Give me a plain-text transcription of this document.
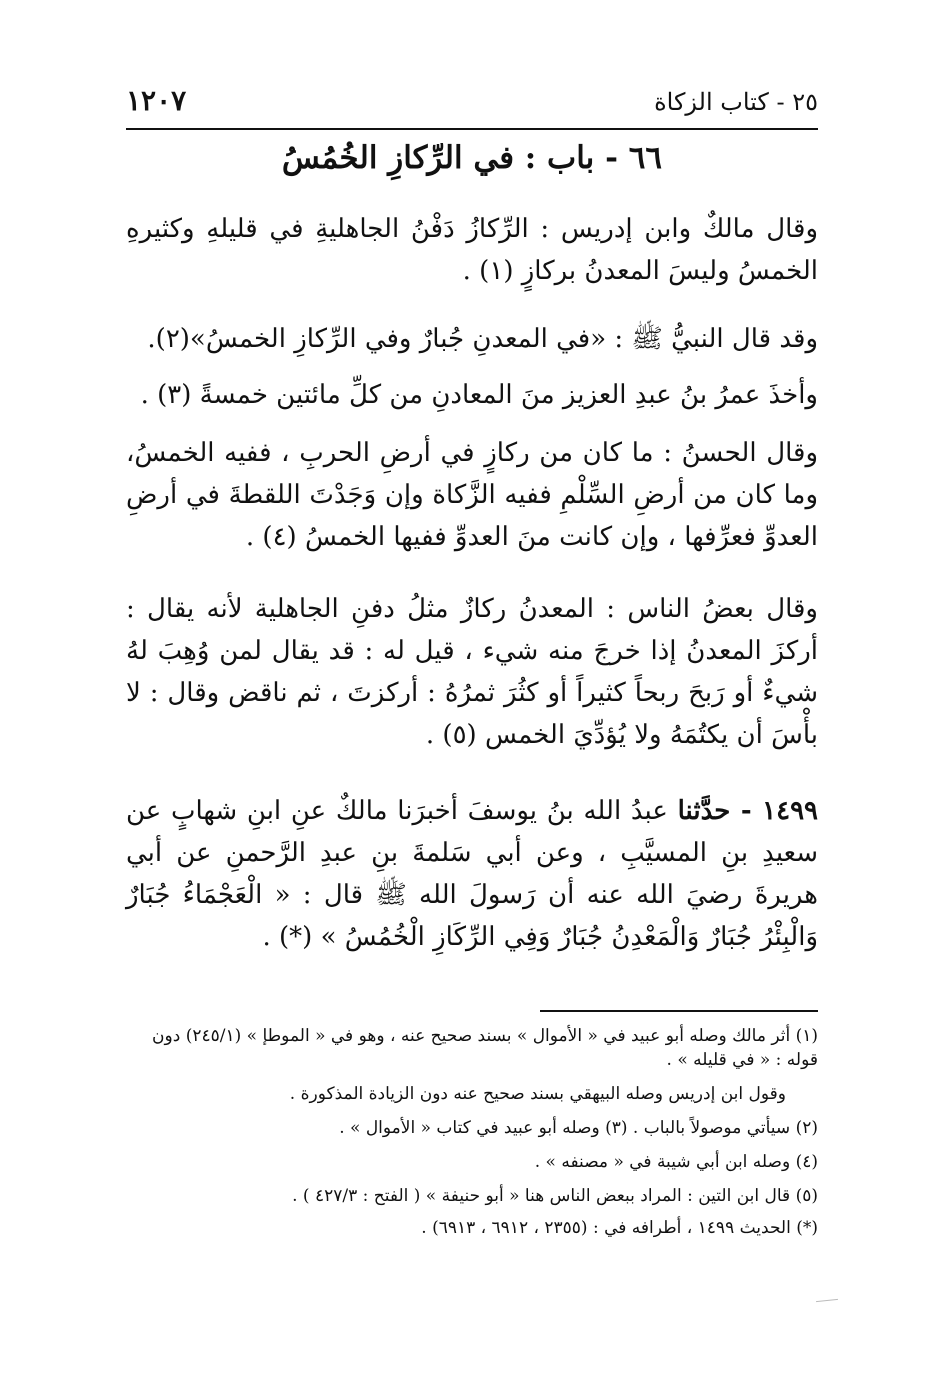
٢٥ - كتاب الزكاة
١٢٠٧
٦٦ - باب : في الرِّكازِ الخُمُسُ

وقال مالكٌ وابن إدريس : الرِّكازُ دَفْنُ الجاهليةِ في قليلهِ وكثيرهِ الخمسُ وليسَ المعدنُ بركازٍ (١) .

وقد قال النبيُّ ﷺ : «في المعدنِ جُبارٌ وفي الرِّكازِ الخمسُ»(٢).

وأخذَ عمرُ بنُ عبدِ العزيز منَ المعادنِ من كلِّ مائتين خمسةً (٣) .

وقال الحسنُ : ما كان من ركازٍ في أرضِ الحربِ ، ففيه الخمسُ، وما كان من أرضِ السِّلْمِ ففيه الزَّكاة وإن وَجَدْتَ اللقطةَ في أرضِ العدوِّ فعرِّفها ، وإن كانت منَ العدوِّ ففيها الخمسُ (٤) .

وقال بعضُ الناس : المعدنُ ركازٌ مثلُ دفنِ الجاهلية لأنه يقال : أركزَ المعدنُ إذا خرجَ منه شيء ، قيل له : قد يقال لمن وُهِبَ لهُ شيءٌ أو رَبحَ ربحاً كثيراً أو كثُرَ ثمرُهُ : أركزتَ ، ثم ناقض وقال : لا بأْسَ أن يكتُمَهُ ولا يُؤدِّيَ الخمس (٥) .

١٤٩٩ - حدَّثنا عبدُ الله بنُ يوسفَ أخبرَنا مالكٌ عنِ ابنِ شهابٍ عن سعيدِ بنِ المسيَّبِ ، وعن أبي سَلمةَ بنِ عبدِ الرَّحمنِ عن أبي هريرةَ رضيَ الله عنه أن رَسولَ الله ﷺ قال : « الْعَجْمَاءُ جُبَارٌ وَالْبِئْرُ جُبَارٌ وَالْمَعْدِنُ جُبَارٌ وَفِي الرِّكَازِ الْخُمُسُ » (*) .

(١) أثر مالك وصله أبو عبيد في « الأموال » بسند صحيح عنه ، وهو في « الموطإ » (٢٤٥/١) دون قوله : « في قليله » .
وقول ابن إدريس وصله البيهقي بسند صحيح عنه دون الزيادة المذكورة .
(٢) سيأتي موصولاً بالباب . (٣) وصله أبو عبيد في كتاب « الأموال » .
(٤) وصله ابن أبي شيبة في « مصنفه » .
(٥) قال ابن التين : المراد ببعض الناس هنا « أبو حنيفة » ( الفتح : ٤٢٧/٣ ) .
(*) الحديث ١٤٩٩ ، أطرافه في : (٢٣٥٥ ، ٦٩١٢ ، ٦٩١٣) .
